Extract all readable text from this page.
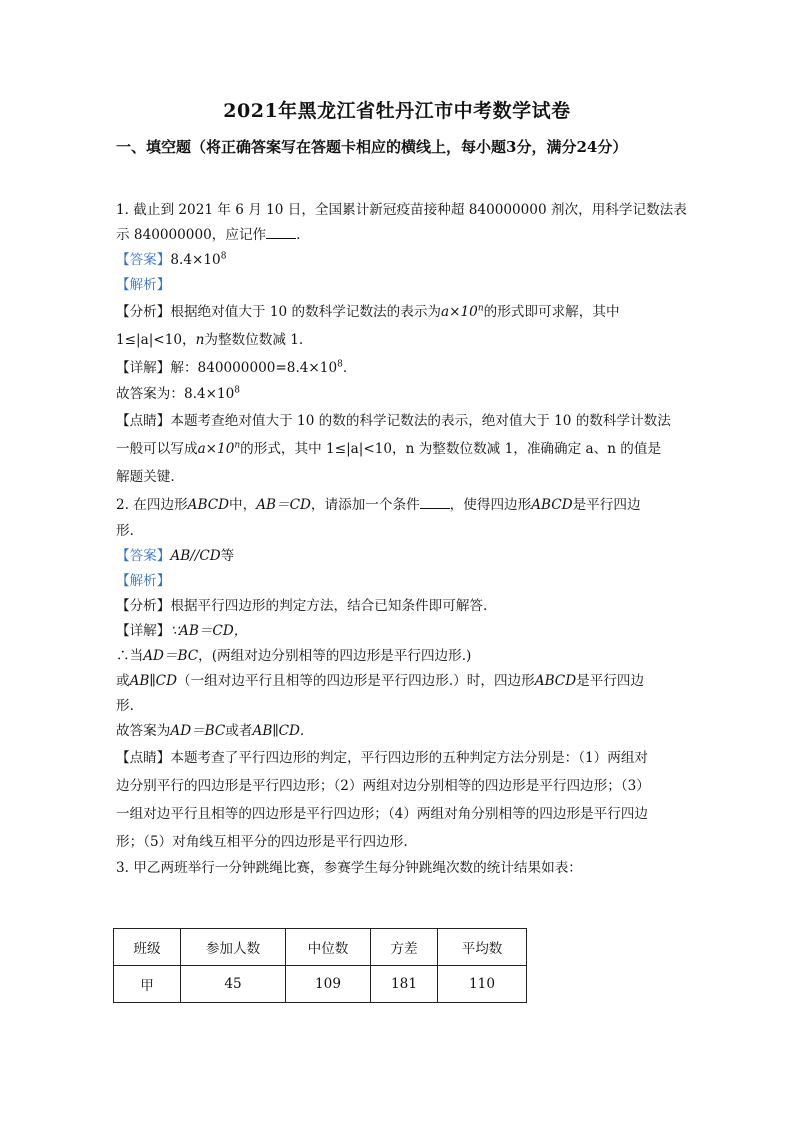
2021年黑龙江省牡丹江市中考数学试卷
一、填空题（将正确答案写在答题卡相应的横线上，每小题3分，满分24分）
1. 截止到 2021 年 6 月 10 日，全国累计新冠疫苗接种超 840000000 剂次，用科学记数法表
示 840000000，应记作 .
【答案】$8.4\times 10^8$
【解析】
【分析】根据绝对值大于 10 的数科学记数法的表示为$a\times 10^n$的形式即可求解，其中
1≤|a|<10，n为整数位数减 1.
【详解】解：$840000000=8.4\times 10^8$.
故答案为：$8.4\times 10^8$
【点睛】本题考查绝对值大于 10 的数的科学记数法的表示，绝对值大于 10 的数科学计数法
一般可以写成$a\times 10^n$的形式，其中 1≤|a|<10，n 为整数位数减 1，准确确定 a、n 的值是
解题关键.
2. 在四边形ABCD中，AB＝CD，请添加一个条件 ，使得四边形ABCD是平行四边
形.
【答案】AB//CD等
【解析】
【分析】根据平行四边形的判定方法，结合已知条件即可解答.
【详解】∵AB＝CD，
∴当AD＝BC，(两组对边分别相等的四边形是平行四边形.)
或AB∥CD（一组对边平行且相等的四边形是平行四边形.）时，四边形ABCD是平行四边
形.
故答案为AD＝BC或者AB∥CD.
【点睛】本题考查了平行四边形的判定，平行四边形的五种判定方法分别是：（1）两组对
边分别平行的四边形是平行四边形；（2）两组对边分别相等的四边形是平行四边形；（3）
一组对边平行且相等的四边形是平行四边形；（4）两组对角分别相等的四边形是平行四边
形；（5）对角线互相平分的四边形是平行四边形.
3. 甲乙两班举行一分钟跳绳比赛，参赛学生每分钟跳绳次数的统计结果如表：
班级	参加人数	中位数	方差	平均数
甲	45	109	181	110
